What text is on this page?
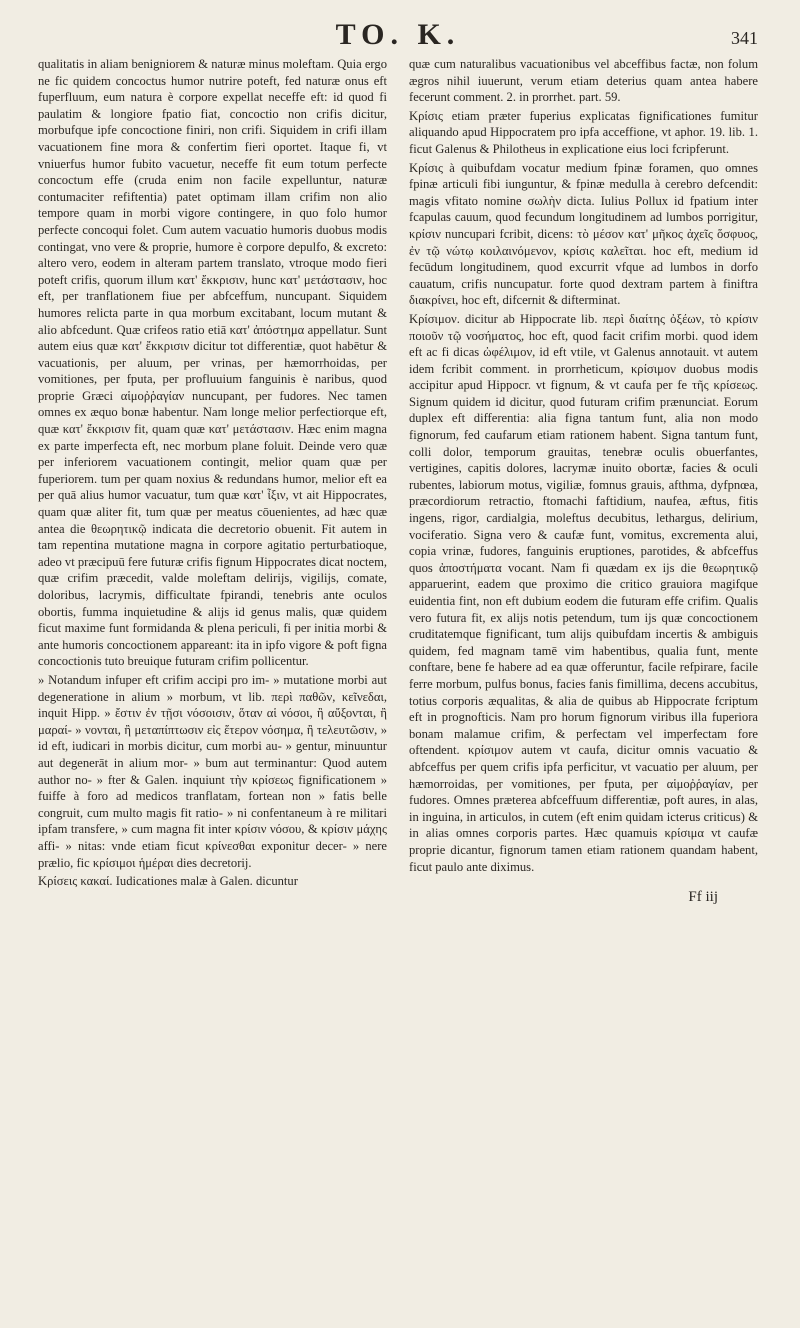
TO. K.	341

qualitatis in aliam benigniorem & naturæ minus moleftam. Quia ergo ne fic quidem concoctus humor nutrire poteft, fed naturæ onus eft fuperfluum, eum natura è corpore expellat neceffe eft: id quod fi paulatim & longiore fpatio fiat, concoctio non crifis dicitur, morbufque ipfe concoctione finiri, non crifi. Siquidem in crifi illam vacuationem fine mora & confertim fieri oportet. Itaque fi, vt vniuerfus humor fubito vacuetur, neceffe fit eum totum perfecte concoctum effe (cruda enim non facile expelluntur, naturæ contumaciter refiftentia) patet optimam illam crifim non alio tempore quam in morbi vigore contingere, in quo folo humor perfecte concoqui folet. Cum autem vacuatio humoris duobus modis contingat, vno vere & proprie, humore è corpore depulfo, & excreto: altero vero, eodem in alteram partem translato, vtroque modo fieri poteft crifis, quorum illum κατ' ἔκκρισιν, hunc κατ' μετάστασιν, hoc eft, per tranflationem fiue per abfceffum, nuncupant. Siquidem humores relicta parte in qua morbum excitabant, locum mutant & alio abfcedunt. Quæ crifeos ratio etiā κατ' ἀπόστημα appellatur. Sunt autem eius quæ κατ' ἔκκρισιν dicitur tot differentiæ, quot habētur & vacuationis, per aluum, per vrinas, per hæmorrhoidas, per vomitiones, per fputa, per profluuium fanguinis è naribus, quod proprie Græci αἱμοῤῥαγίαν nuncupant, per fudores. Nec tamen omnes ex æquo bonæ habentur. Nam longe melior perfectiorque eft, quæ κατ' ἔκκρισιν fit, quam quæ κατ' μετάστασιν. Hæc enim magna ex parte imperfecta eft, nec morbum plane foluit. Deinde vero quæ per inferiorem vacuationem contingit, melior quam quæ per fuperiorem. tum per quam noxius & redundans humor, melior eft ea per quā alius humor vacuatur, tum quæ κατ' ἶξιν, vt ait Hippocrates, quam quæ aliter fit, tum quæ per meatus cōuenientes, ad hæc quæ antea die θεωρητικῷ indicata die decretorio obuenit. Fit autem in tam repentina mutatione magna in corpore agitatio perturbatioque, adeo vt præcipuū fere futuræ crifis fignum Hippocrates dicat noctem, quæ crifim præcedit, valde moleftam delirijs, vigilijs, comate, doloribus, lacrymis, difficultate fpirandi, tenebris ante oculos obortis, fumma inquietudine & alijs id genus malis, quæ quidem ficut maxime funt formidanda & plena periculi, fi per initia morbi & ante humoris concoctionem appareant: ita in ipfo vigore & poft figna concoctionis tuto breuique futuram crifim pollicentur.

» Notandum infuper eft crifim accipi pro im- » mutatione morbi aut degeneratione in alium » morbum, vt lib. περὶ παθῶν, κεῖνεδαι, inquit Hipp. » ἔστιν ἐν τῇσι νόσοισιν, ὅταν αἱ νόσοι, ἢ αὔξονται, ἢ μαραί- » νονται, ἢ μεταπίπτωσιν εἰς ἕτερον νόσημα, ἢ τελευτῶσιν, » id eft, iudicari in morbis dicitur, cum morbi au- » gentur, minuuntur aut degenerāt in alium mor- » bum aut terminantur: Quod autem author no- » fter & Galen. inquiunt τὴν κρίσεως fignificationem » fuiffe à foro ad medicos tranflatam, fortean non » fatis belle congruit, cum multo magis fit ratio- » ni confentaneum à re militari ipfam transfere, » cum magna fit inter κρίσιν νόσου, & κρίσιν μάχης affi- » nitas: vnde etiam ficut κρίνεσθαι exponitur decer- » nere prælio, fic κρίσιμοι ἡμέραι dies decretorij.

Κρίσεις κακαί. Iudicationes malæ à Galen. dicuntur

quæ cum naturalibus vacuationibus vel abceffibus factæ, non folum ægros nihil iuuerunt, verum etiam deterius quam antea habere fecerunt comment. 2. in prorrhet. part. 59.

Κρίσις etiam præter fuperius explicatas fignificationes fumitur aliquando apud Hippocratem pro ipfa acceffione, vt aphor. 19. lib. 1. ficut Galenus & Philotheus in explicatione eius loci fcripferunt.

Κρίσις à quibufdam vocatur medium fpinæ foramen, quo omnes fpinæ articuli fibi iunguntur, & fpinæ medulla à cerebro defcendit: magis vfitato nomine σωλὴν dicta. Iulius Pollux id fpatium inter fcapulas cauum, quod fecundum longitudinem ad lumbos porrigitur, κρίσιν nuncupari fcribit, dicens: τὸ μέσον κατ' μῆκος ἀχεῖς ὅσφυος, ἐν τῷ νώτῳ κοιλαινόμενον, κρίσις καλεῖται. hoc eft, medium id fecūdum longitudinem, quod excurrit vfque ad lumbos in dorfo cauatum, crifis nuncupatur. forte quod dextram partem à finiftra διακρίνει, hoc eft, difcernit & difterminat.

Κρίσιμον. dicitur ab Hippocrate lib. περὶ διαίτης ὀξέων, τὸ κρίσιν ποιοῦν τῷ νοσήματος, hoc eft, quod facit crifim morbi. quod idem eft ac fi dicas ὠφέλιμον, id eft vtile, vt Galenus annotauit. vt autem idem fcribit comment. in prorrheticum, κρίσιμον duobus modis accipitur apud Hippocr. vt fignum, & vt caufa per fe τῆς κρίσεως. Signum quidem id dicitur, quod futuram crifim prænunciat. Eorum duplex eft differentia: alia figna tantum funt, alia non modo fignorum, fed caufarum etiam rationem habent. Signa tantum funt, colli dolor, temporum grauitas, tenebræ oculis obuerfantes, vertigines, capitis dolores, lacrymæ inuito obortæ, facies & oculi rubentes, labiorum motus, vigiliæ, fomnus grauis, afthma, dyfpnœa, præcordiorum retractio, ftomachi faftidium, naufea, æftus, fitis ingens, rigor, cardialgia, moleftus decubitus, lethargus, delirium, vociferatio. Signa vero & caufæ funt, vomitus, excrementa alui, copia vrinæ, fudores, fanguinis eruptiones, parotides, & abfceffus quos ἀποστήματα vocant. Nam fi quædam ex ijs die θεωρητικῷ apparuerint, eadem que proximo die critico grauiora magifque euidentia fint, non eft dubium eodem die futuram effe crifim. Qualis vero futura fit, ex alijs notis petendum, tum ijs quæ concoctionem cruditatemque fignificant, tum alijs quibufdam incertis & ambiguis quidem, fed magnam tamē vim habentibus, qualia funt, mente conftare, bene fe habere ad ea quæ offeruntur, facile refpirare, facile ferre morbum, pulfus bonus, facies fanis fimillima, decens accubitus, totius corporis æqualitas, & alia de quibus ab Hippocrate fcriptum eft in prognofticis. Nam pro horum fignorum viribus illa fuperiora bonam malamue crifim, & perfectam vel imperfectam fore oftendent. κρίσιμον autem vt caufa, dicitur omnis vacuatio & abfceffus per quem crifis ipfa perficitur, vt vacuatio per aluum, per hæmorroidas, per vomitiones, per fputa, per αἱμοῤῥαγίαν, per fudores. Omnes præterea abfceffuum differentiæ, poft aures, in alas, in inguina, in articulos, in cutem (eft enim quidam icterus criticus) & in alias omnes corporis partes. Hæc quamuis κρίσιμα vt caufæ proprie dicantur, fignorum tamen etiam rationem quandam habent, ficut paulo ante diximus.

Ff iij
